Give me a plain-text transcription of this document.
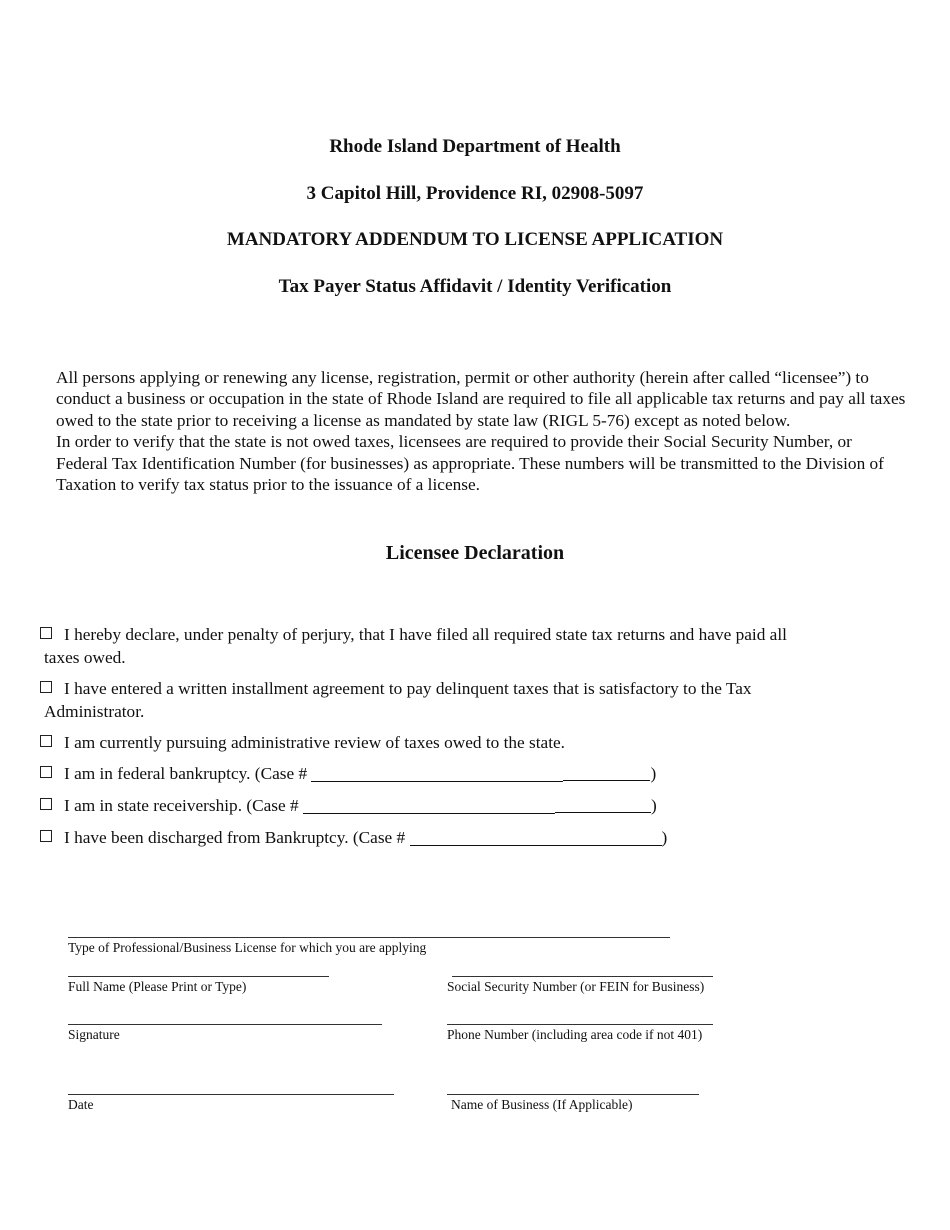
Rhode Island Department of Health
3 Capitol Hill, Providence RI, 02908-5097
MANDATORY ADDENDUM TO LICENSE APPLICATION
Tax Payer Status Affidavit / Identity Verification

All persons applying or renewing any license, registration, permit or other authority (herein after called “licensee”) to conduct a business or occupation in the state of Rhode Island are required to file all applicable tax returns and pay all taxes owed to the state prior to receiving a license as mandated by state law (RIGL 5-76) except as noted below.

In order to verify that the state is not owed taxes, licensees are required to provide their Social Security Number, or Federal Tax Identification Number (for businesses) as appropriate. These numbers will be transmitted to the Division of Taxation to verify tax status prior to the issuance of a license.

Licensee Declaration
I hereby declare, under penalty of perjury, that I have filed all required state tax returns and have paid all
taxes owed.
I have entered a written installment agreement to pay delinquent taxes that is satisfactory to the Tax
Administrator.
I am currently pursuing administrative review of taxes owed to the state.
I am in federal bankruptcy. (Case #	)
I am in state receivership. (Case #	)
I have been discharged from Bankruptcy. (Case #	)
Type of Professional/Business License for which you are applying
Full Name (Please Print or Type)	Social Security Number (or FEIN for Business)
Signature	Phone Number (including area code if not 401)
Date	Name of Business (If Applicable)
